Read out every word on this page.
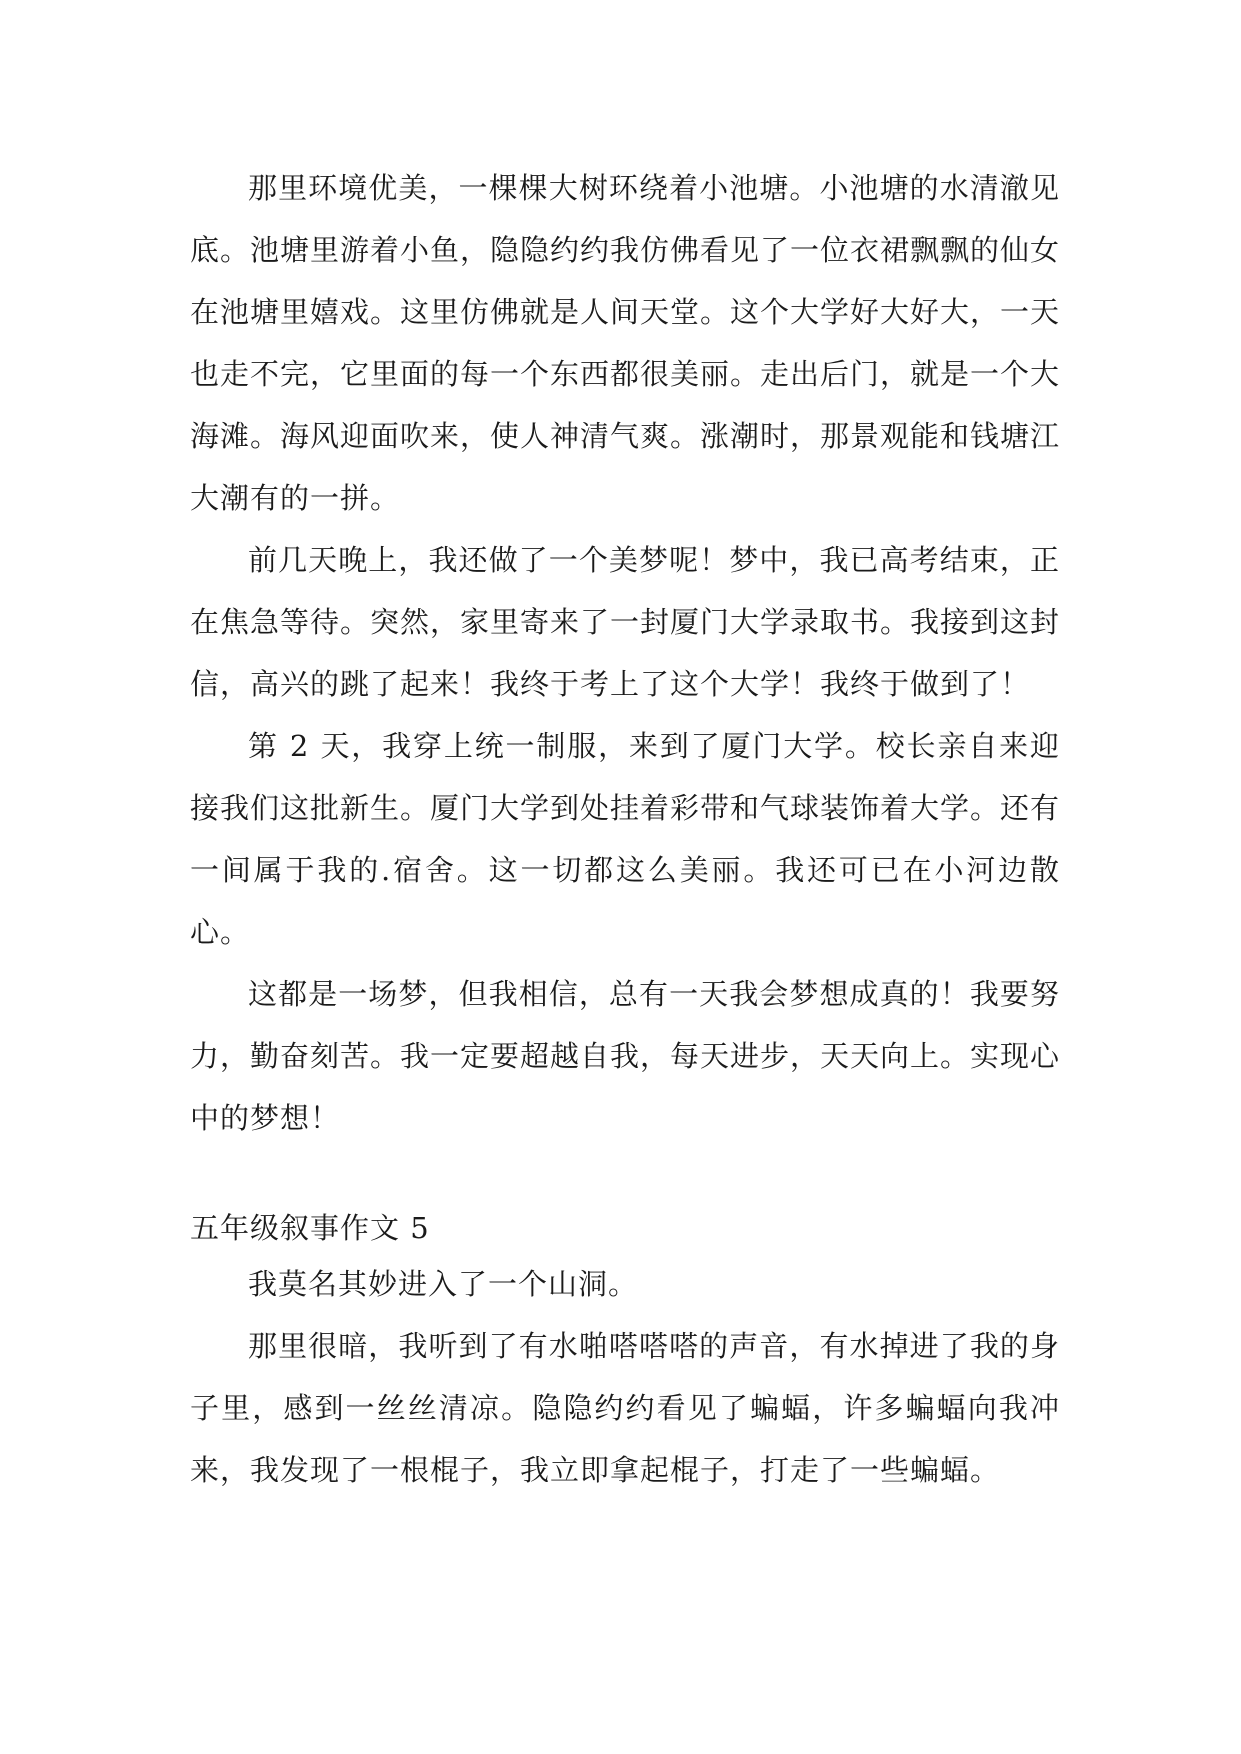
那里环境优美，一棵棵大树环绕着小池塘。小池塘的水清澈见底。池塘里游着小鱼，隐隐约约我仿佛看见了一位衣裙飘飘的仙女在池塘里嬉戏。这里仿佛就是人间天堂。这个大学好大好大，一天也走不完，它里面的每一个东西都很美丽。走出后门，就是一个大海滩。海风迎面吹来，使人神清气爽。涨潮时，那景观能和钱塘江大潮有的一拼。

前几天晚上，我还做了一个美梦呢！梦中，我已高考结束，正在焦急等待。突然，家里寄来了一封厦门大学录取书。我接到这封信，高兴的跳了起来！我终于考上了这个大学！我终于做到了！

第 2 天，我穿上统一制服，来到了厦门大学。校长亲自来迎接我们这批新生。厦门大学到处挂着彩带和气球装饰着大学。还有一间属于我的.宿舍。这一切都这么美丽。我还可已在小河边散心。

这都是一场梦，但我相信，总有一天我会梦想成真的！我要努力，勤奋刻苦。我一定要超越自我，每天进步，天天向上。实现心中的梦想！

五年级叙事作文 5

我莫名其妙进入了一个山洞。

那里很暗，我听到了有水啪嗒嗒嗒的声音，有水掉进了我的身子里，感到一丝丝清凉。隐隐约约看见了蝙蝠，许多蝙蝠向我冲来，我发现了一根棍子，我立即拿起棍子，打走了一些蝙蝠。
